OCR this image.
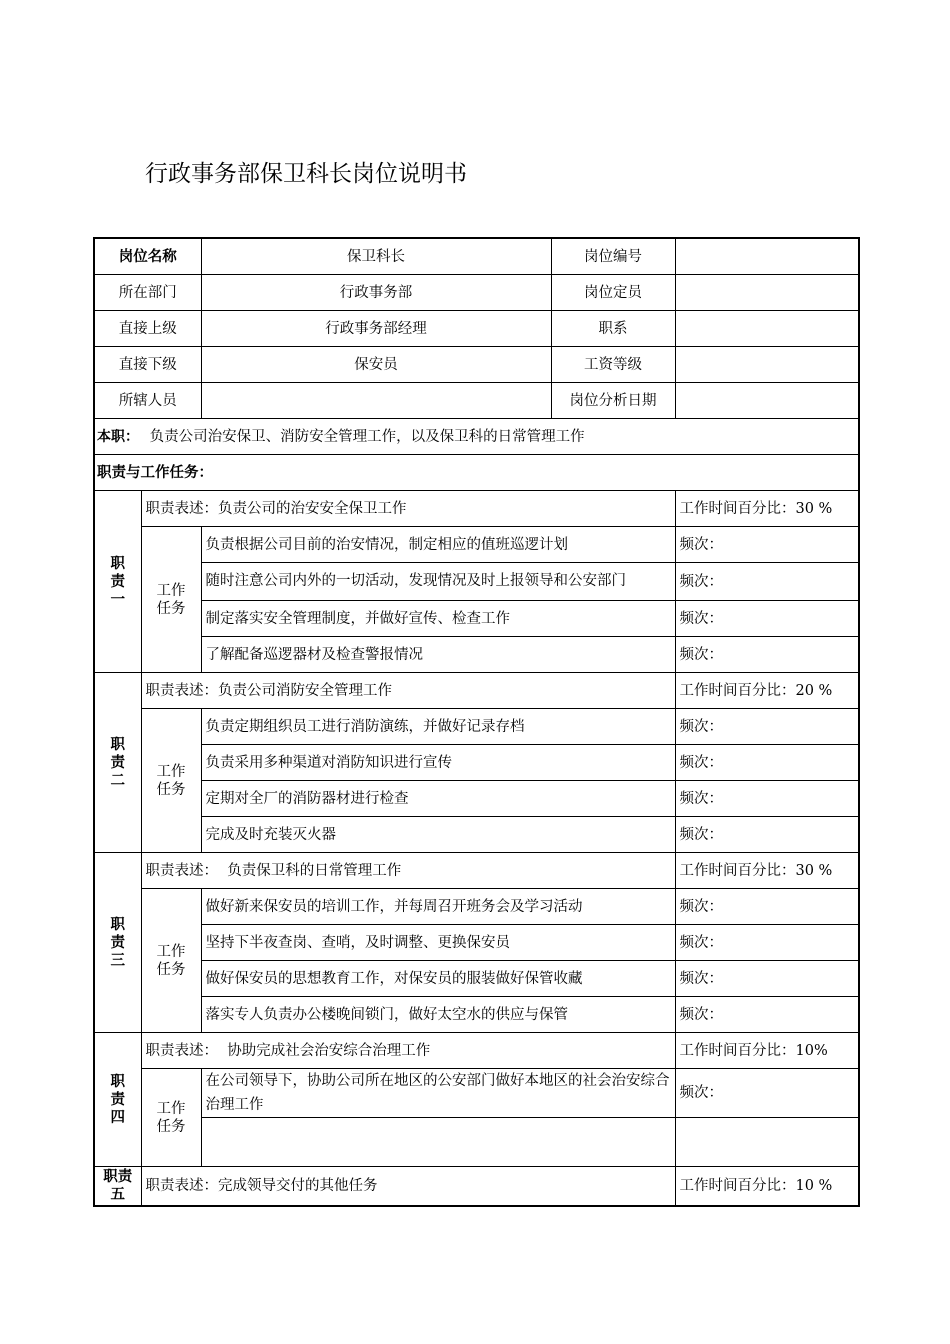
行政事务部保卫科长岗位说明书
岗位名称		保卫科长	岗位编号	
所在部门		行政事务部	岗位定员	
直接上级		行政事务部经理	职系	
直接下级		保安员	工资等级	
所辖人员			岗位分析日期	
本职： 负责公司治安保卫、消防安全管理工作，以及保卫科的日常管理工作				
职责与工作任务：				
职责一	职责表述：负责公司的治安安全保卫工作			工作时间百分比：30 %
	工作任务	负责根据公司目前的治安情况，制定相应的值班巡逻计划		频次：
		随时注意公司内外的一切活动，发现情况及时上报领导和公安部门		频次：
		制定落实安全管理制度，并做好宣传、检查工作		频次：
		了解配备巡逻器材及检查警报情况		频次：
职责二	职责表述：负责公司消防安全管理工作			工作时间百分比：20 %
	工作任务	负责定期组织员工进行消防演练，并做好记录存档		频次：
		负责采用多种渠道对消防知识进行宣传		频次：
		定期对全厂的消防器材进行检查		频次：
		完成及时充装灭火器		频次：
职责三	职责表述：  负责保卫科的日常管理工作			工作时间百分比：30 %
	工作任务	做好新来保安员的培训工作，并每周召开班务会及学习活动		频次：
		坚持下半夜查岗、查哨，及时调整、更换保安员		频次：
		做好保安员的思想教育工作，对保安员的服装做好保管收藏		频次：
		落实专人负责办公楼晚间锁门，做好太空水的供应与保管		频次：
职责四	职责表述：  协助完成社会治安综合治理工作			工作时间百分比：10%
	工作任务	在公司领导下，协助公司所在地区的公安部门做好本地区的社会治安综合治理工作		频次：

职责五	职责表述：完成领导交付的其他任务			工作时间百分比：10 %
